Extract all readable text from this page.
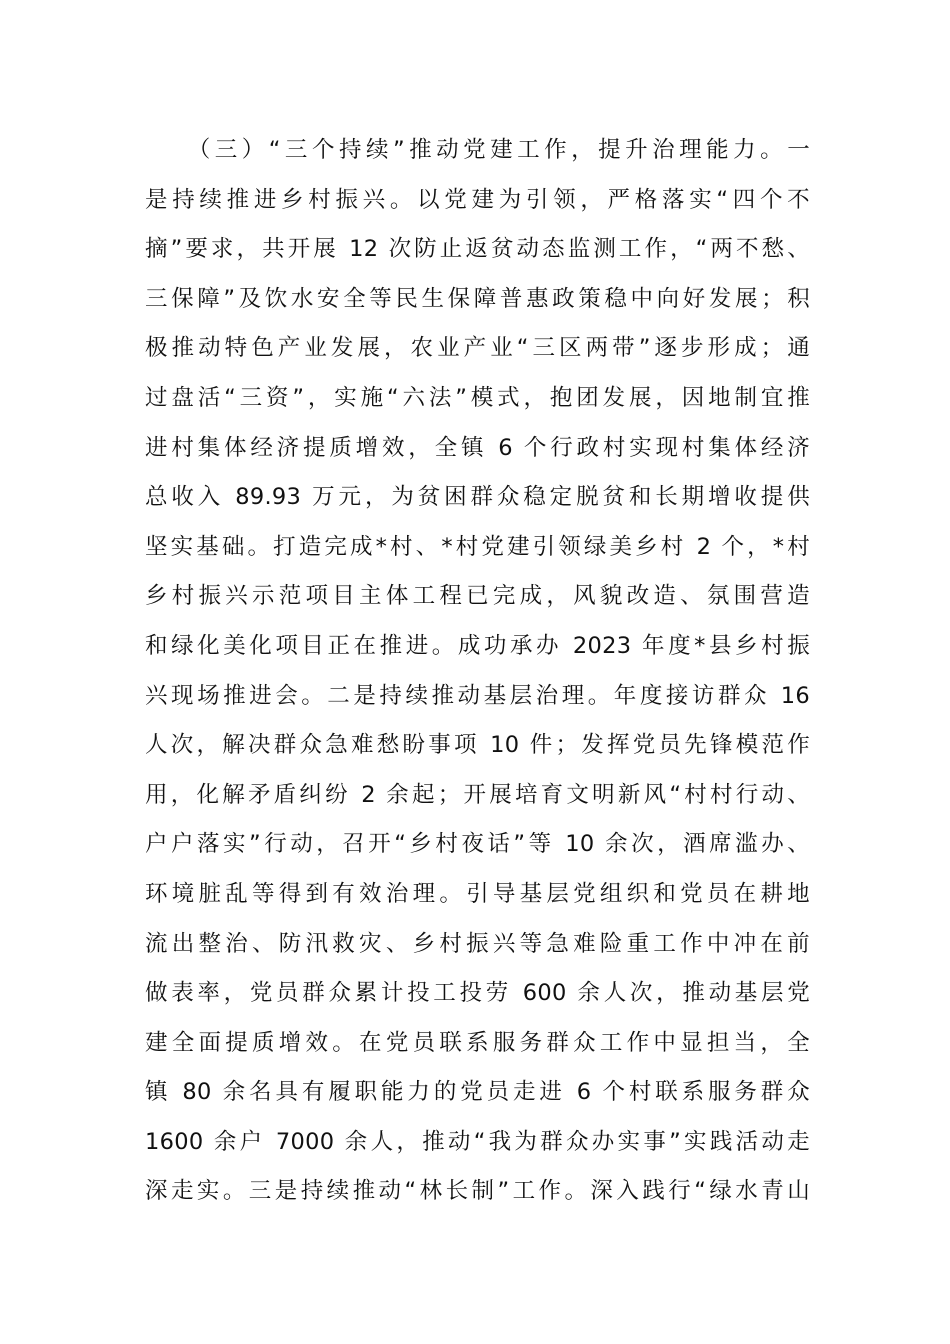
　　（三）“三个持续”推动党建工作，提升治理能力。一
是持续推进乡村振兴。以党建为引领，严格落实“四个不
摘”要求，共开展 12 次防止返贫动态监测工作，“两不愁、
三保障”及饮水安全等民生保障普惠政策稳中向好发展；积
极推动特色产业发展，农业产业“三区两带”逐步形成；通
过盘活“三资”，实施“六法”模式，抱团发展，因地制宜推
进村集体经济提质增效，全镇 6 个行政村实现村集体经济
总收入 89.93 万元，为贫困群众稳定脱贫和长期增收提供
坚实基础。打造完成*村、*村党建引领绿美乡村 2 个，*村
乡村振兴示范项目主体工程已完成，风貌改造、氛围营造
和绿化美化项目正在推进。成功承办 2023 年度*县乡村振
兴现场推进会。二是持续推动基层治理。年度接访群众 16
人次，解决群众急难愁盼事项 10 件；发挥党员先锋模范作
用，化解矛盾纠纷 2 余起；开展培育文明新风“村村行动、
户户落实”行动，召开“乡村夜话”等 10 余次，酒席滥办、
环境脏乱等得到有效治理。引导基层党组织和党员在耕地
流出整治、防汛救灾、乡村振兴等急难险重工作中冲在前
做表率，党员群众累计投工投劳 600 余人次，推动基层党
建全面提质增效。在党员联系服务群众工作中显担当，全
镇 80 余名具有履职能力的党员走进 6 个村联系服务群众
1600 余户 7000 余人，推动“我为群众办实事”实践活动走
深走实。三是持续推动“林长制”工作。深入践行“绿水青山
